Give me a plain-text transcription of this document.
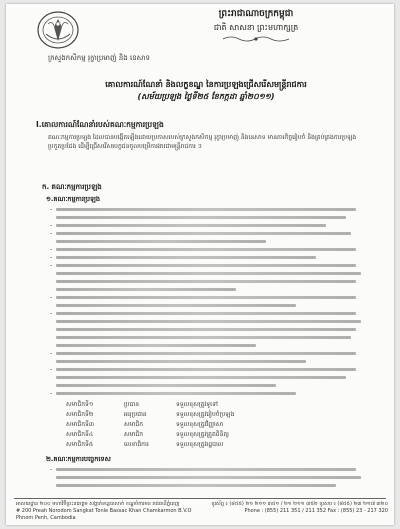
ក្រសួងកសិកម្ម រុក្ខាប្រមាញ់ និង នេសាទ
ព្រះរាជាណាចក្រកម្ពុជា
ជាតិ សាសនា ព្រះមហាក្សត្រ
គោលការណ៍ណែនាំ និងលក្ខខណ្ឌ នៃការប្រឡងជ្រើសរើសមន្ត្រីរាជការ
(សម័យប្រឡង ថ្ងៃទី២៥ ខែកក្កដា ឆ្នាំ២០១១)
I.គោលការណ៍ណែនាំរបស់គណៈកម្មការប្រឡង
គណៈកម្មការប្រឡង ដែលបានបង្កើតឡើងដោយប្រកាសរបស់ក្រសួងកសិកម្ម រុក្ខាប្រមាញ់ និងនេសាទ មានភារកិច្ចរៀបចំ និងគ្រប់គ្រងការប្រឡងប្រកួតប្រជែង ដើម្បីជ្រើសរើសបេក្ខជនចូលបម្រើការងារជាមន្ត្រីរាជការ ៗ
ក. គណៈកម្មការប្រឡង
១.គណៈកម្មការប្រឡង
-
-
-
-
-
-
-
-
-
-
-
សមាជិកទី១	ប្រធាន	ទទួលខុសត្រូវទូទៅ
សមាជិកទី២	អនុប្រធាន	ទទួលខុសត្រូវរៀបចំប្រឡង
សមាជិកទី៣	សមាជិក	ទទួលខុសត្រូវវិញ្ញាសា
សមាជិកទី៤	សមាជិក	ទទួលខុសត្រូវត្រួតពិនិត្យ
សមាជិកទី៥	លេខាធិការ	ទទួលខុសត្រូវរដ្ឋបាល
២.គណៈកម្មការបច្ចេកទេស
-
អាសយដ្ឋាន ២០០ មហាវិថីព្រះនរោត្តម សង្កាត់ទន្លេបាសាក់ ខណ្ឌចំការមន រាជធានីភ្នំពេញ
# 200 Preah Norodom Sangkat Tonle Bassac Khan Chamkarmon B.V.O Phnom Penh, Cambodia
ទូរស័ព្ទ ៖ (៨៥៥) ២១ ២១១ ៣៥១ / ២១ ២១១ ៣៥២ ទូរសារ ៖ (៨៥៥) ២៣ ២១៧ ៣២០
Phone : (855) 211 351 / 211 352 Fax : (855) 23 - 217 320
